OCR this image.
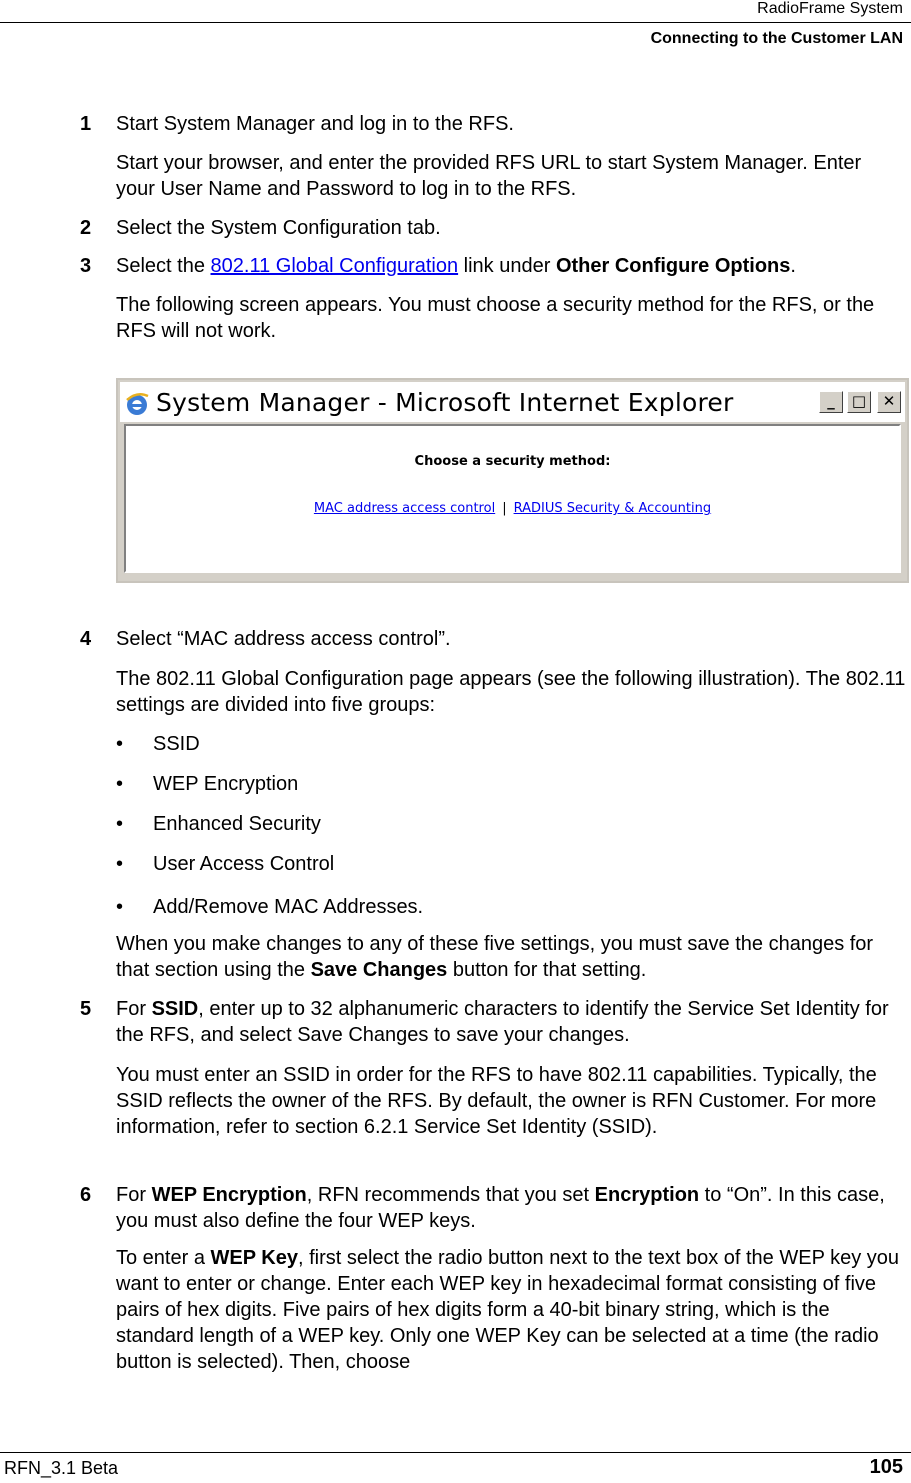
RadioFrame System
Connecting to the Customer LAN
1 Start System Manager and log in to the RFS.
Start your browser, and enter the provided RFS URL to start System Manager. Enter your User Name and Password to log in to the RFS.
2 Select the System Configuration tab.
3 Select the 802.11 Global Configuration link under Other Configure Options.
The following screen appears. You must choose a security method for the RFS, or the RFS will not work.
System Manager - Microsoft Internet Explorer	_	□	✕
Choose a security method:
MAC address access control | RADIUS Security & Accounting
4 Select “MAC address access control”.
The 802.11 Global Configuration page appears (see the following illustration). The 802.11 settings are divided into five groups:
• SSID
• WEP Encryption
• Enhanced Security
• User Access Control
• Add/Remove MAC Addresses.
When you make changes to any of these five settings, you must save the changes for that section using the Save Changes button for that setting.
5 For SSID, enter up to 32 alphanumeric characters to identify the Service Set Identity for the RFS, and select Save Changes to save your changes.
You must enter an SSID in order for the RFS to have 802.11 capabilities. Typically, the SSID reflects the owner of the RFS. By default, the owner is RFN Customer. For more information, refer to section 6.2.1 Service Set Identity (SSID).
6 For WEP Encryption, RFN recommends that you set Encryption to “On”. In this case, you must also define the four WEP keys.
To enter a WEP Key, first select the radio button next to the text box of the WEP key you want to enter or change. Enter each WEP key in hexadecimal format consisting of five pairs of hex digits. Five pairs of hex digits form a 40-bit binary string, which is the standard length of a WEP key. Only one WEP Key can be selected at a time (the radio button is selected). Then, choose
RFN_3.1 Beta	105
